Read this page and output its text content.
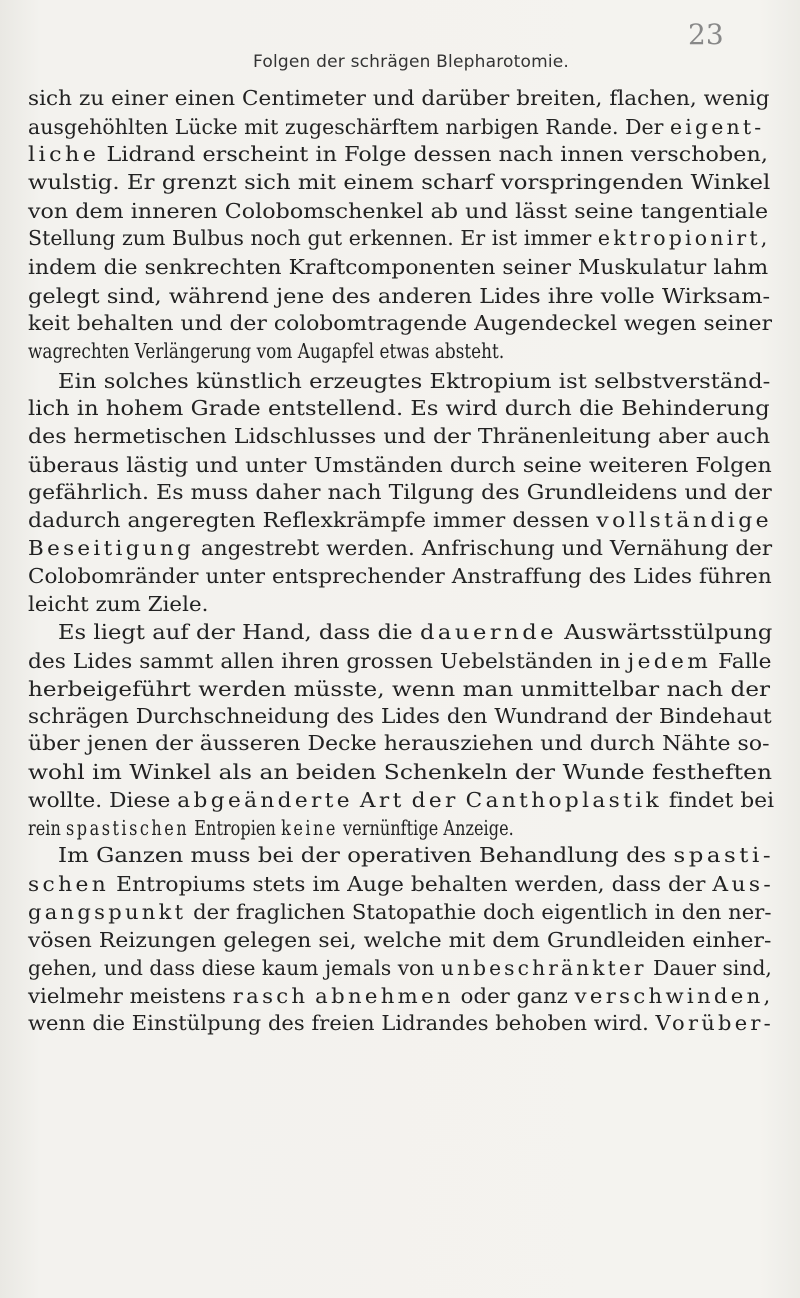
Folgen der schrägen Blepharotomie.
23
sich zu einer einen Centimeter und darüber breiten, flachen, wenig
ausgehöhlten Lücke mit zugeschärftem narbigen Rande. Der eigent-
liche Lidrand erscheint in Folge dessen nach innen verschoben,
wulstig. Er grenzt sich mit einem scharf vorspringenden Winkel
von dem inneren Colobomschenkel ab und lässt seine tangentiale
Stellung zum Bulbus noch gut erkennen. Er ist immer ektropionirt,
indem die senkrechten Kraftcomponenten seiner Muskulatur lahm
gelegt sind, während jene des anderen Lides ihre volle Wirksam-
keit behalten und der colobomtragende Augendeckel wegen seiner
wagrechten Verlängerung vom Augapfel etwas absteht.
Ein solches künstlich erzeugtes Ektropium ist selbstverständ-
lich in hohem Grade entstellend. Es wird durch die Behinderung
des hermetischen Lidschlusses und der Thränenleitung aber auch
überaus lästig und unter Umständen durch seine weiteren Folgen
gefährlich. Es muss daher nach Tilgung des Grundleidens und der
dadurch angeregten Reflexkrämpfe immer dessen vollständige
Beseitigung angestrebt werden. Anfrischung und Vernähung der
Colobomränder unter entsprechender Anstraffung des Lides führen
leicht zum Ziele.
Es liegt auf der Hand, dass die dauernde Auswärtsstülpung
des Lides sammt allen ihren grossen Uebelständen in jedem Falle
herbeigeführt werden müsste, wenn man unmittelbar nach der
schrägen Durchschneidung des Lides den Wundrand der Bindehaut
über jenen der äusseren Decke herausziehen und durch Nähte so-
wohl im Winkel als an beiden Schenkeln der Wunde festheften
wollte. Diese abgeänderte Art der Canthoplastik findet bei
rein spastischen Entropien keine vernünftige Anzeige.
Im Ganzen muss bei der operativen Behandlung des spasti-
schen Entropiums stets im Auge behalten werden, dass der Aus-
gangspunkt der fraglichen Statopathie doch eigentlich in den ner-
vösen Reizungen gelegen sei, welche mit dem Grundleiden einher-
gehen, und dass diese kaum jemals von unbeschränkter Dauer sind,
vielmehr meistens rasch abnehmen oder ganz verschwinden,
wenn die Einstülpung des freien Lidrandes behoben wird. Vorüber-
